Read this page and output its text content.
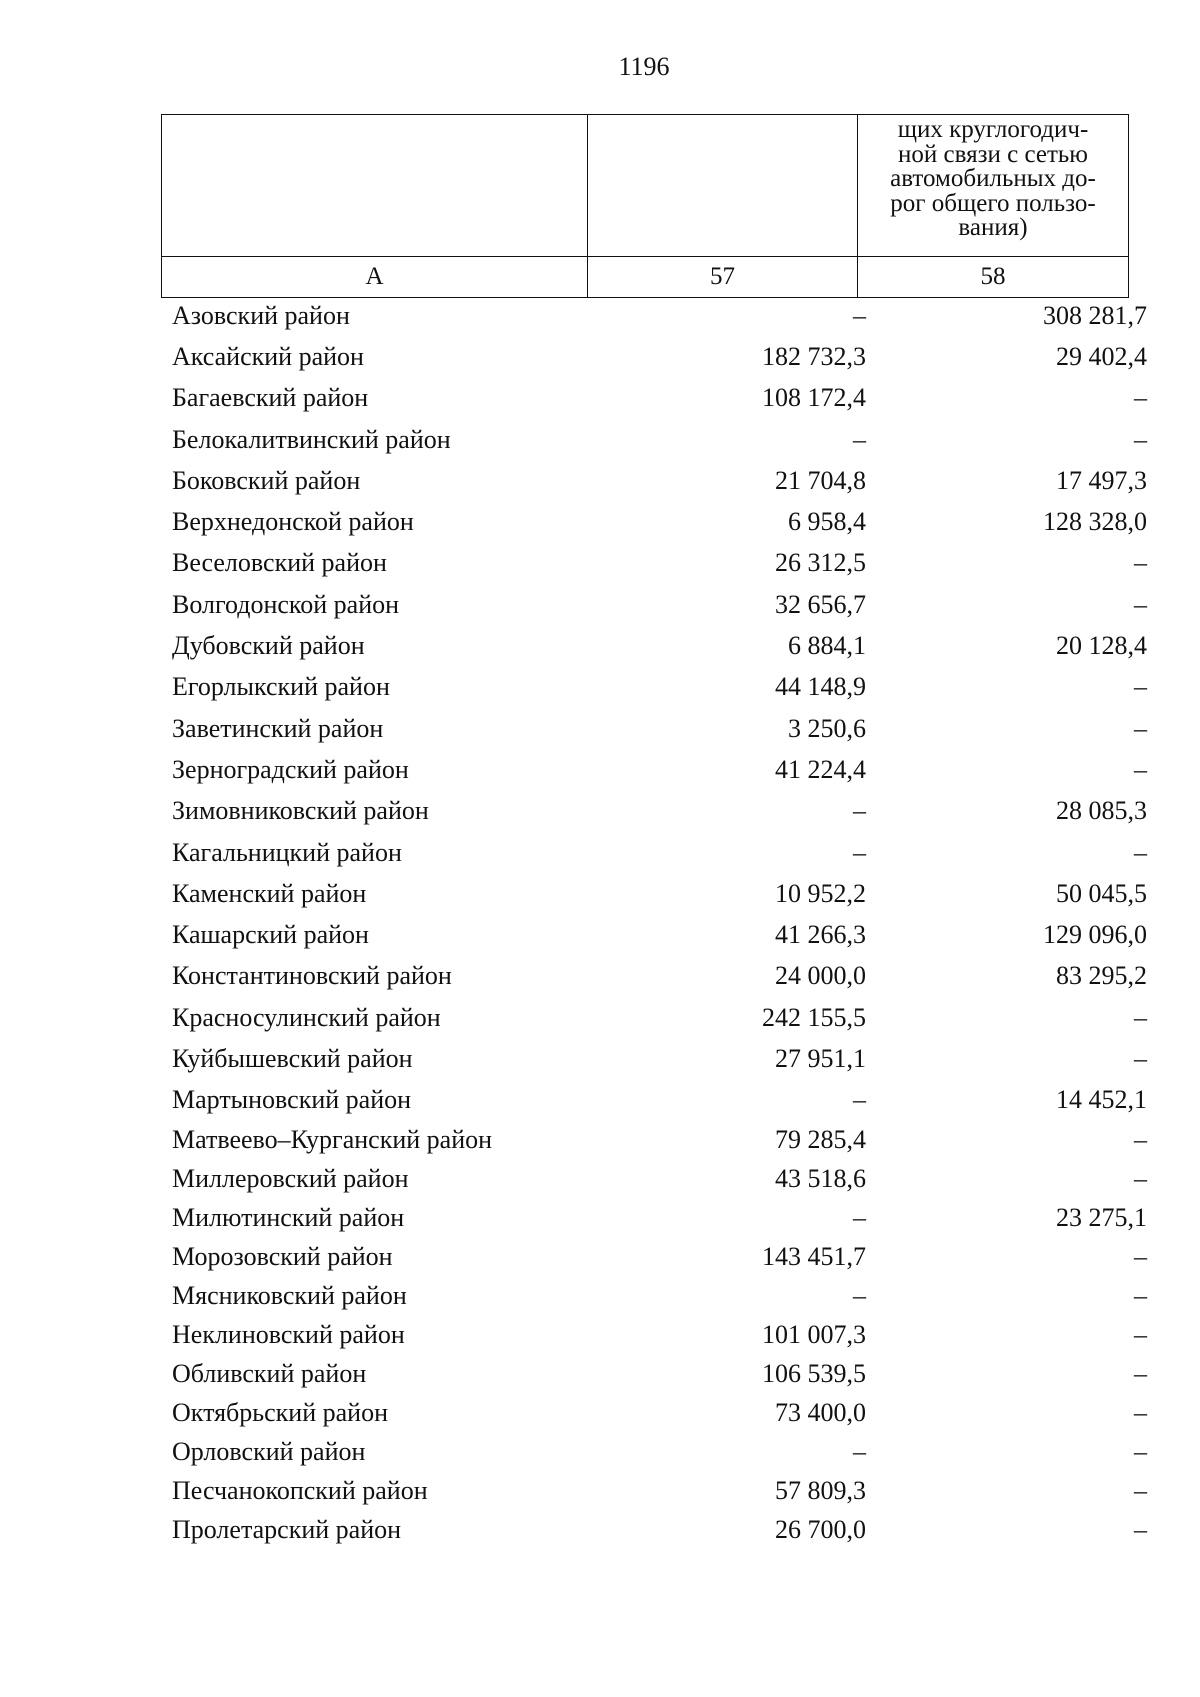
1196

		щих круглогодич-
ной связи с сетью
автомобильных до-
рог общего пользо-
вания)

А	57	58
Азовский район	–	308 281,7
Аксайский район	182 732,3	29 402,4
Багаевский район	108 172,4	–
Белокалитвинский район	–	–
Боковский район	21 704,8	17 497,3
Верхнедонской район	6 958,4	128 328,0
Веселовский район	26 312,5	–
Волгодонской район	32 656,7	–
Дубовский район	6 884,1	20 128,4
Егорлыкский район	44 148,9	–
Заветинский район	3 250,6	–
Зерноградский район	41 224,4	–
Зимовниковский район	–	28 085,3
Кагальницкий район	–	–
Каменский район	10 952,2	50 045,5
Кашарский район	41 266,3	129 096,0
Константиновский район	24 000,0	83 295,2
Красносулинский район	242 155,5	–
Куйбышевский район	27 951,1	–
Мартыновский район	–	14 452,1
Матвеево–Курганский район	79 285,4	–
Миллеровский район	43 518,6	–
Милютинский район	–	23 275,1
Морозовский район	143 451,7	–
Мясниковский район	–	–
Неклиновский район	101 007,3	–
Обливский район	106 539,5	–
Октябрьский район	73 400,0	–
Орловский район	–	–
Песчанокопский район	57 809,3	–
Пролетарский район	26 700,0	–
